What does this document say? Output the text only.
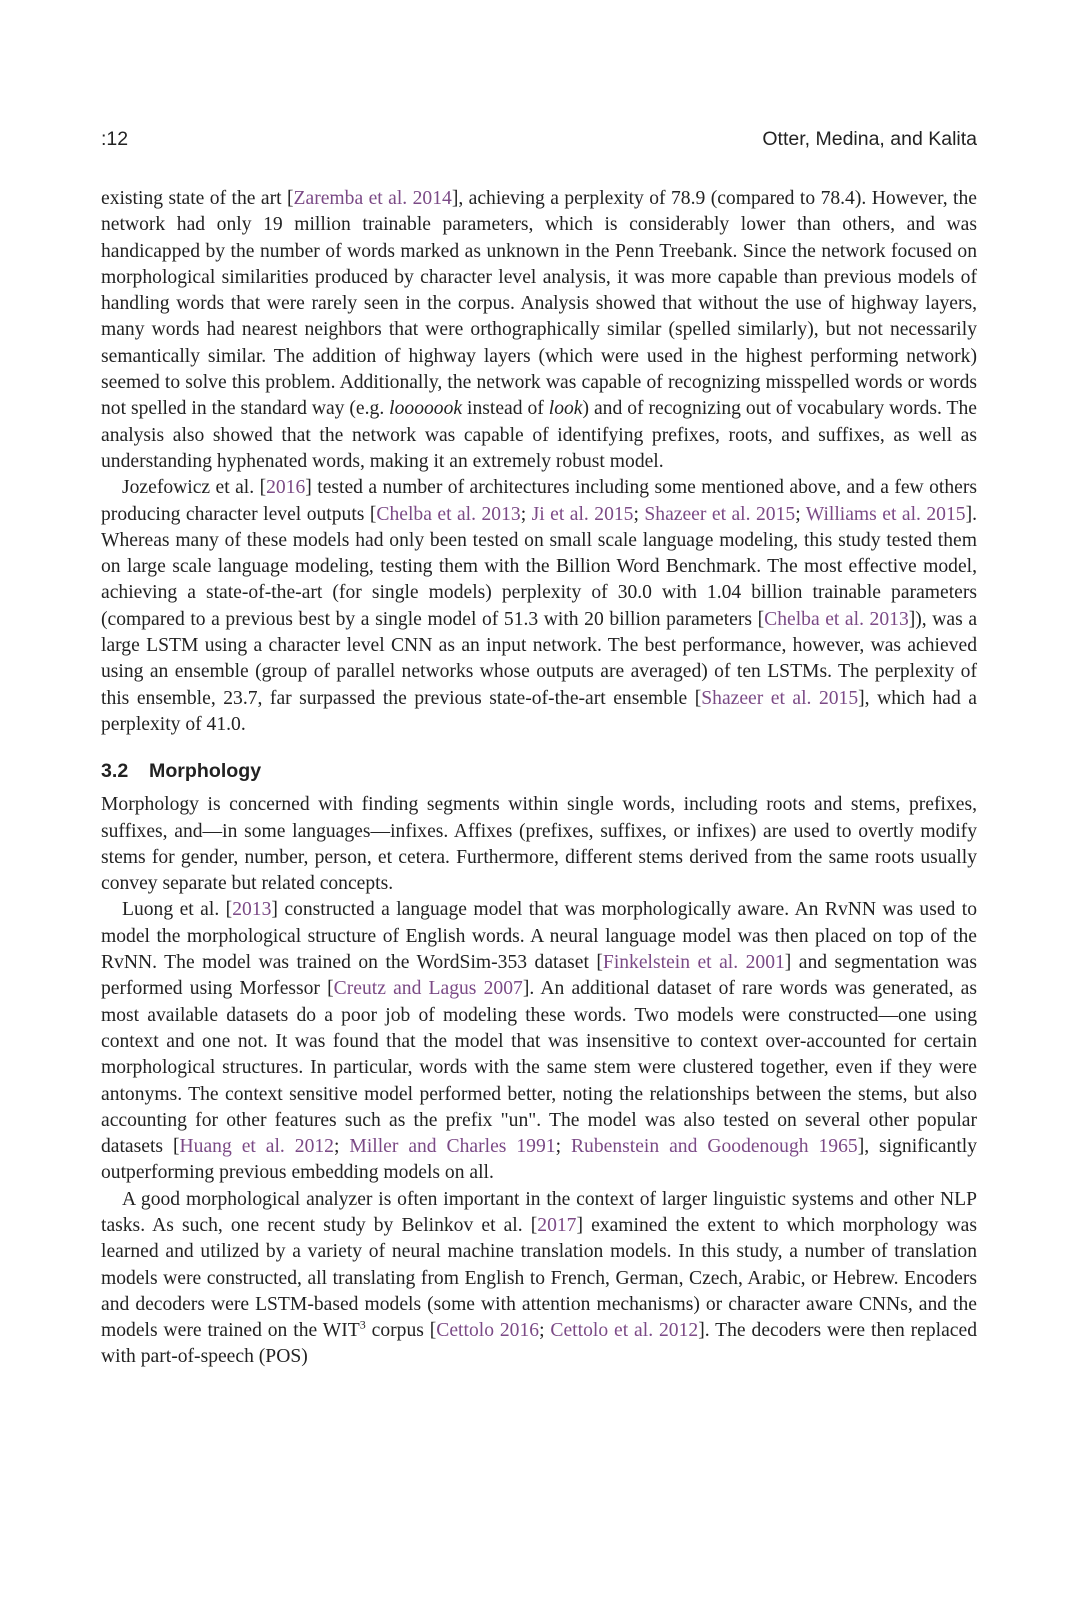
:12	Otter, Medina, and Kalita

existing state of the art [Zaremba et al. 2014], achieving a perplexity of 78.9 (compared to 78.4). However, the network had only 19 million trainable parameters, which is considerably lower than others, and was handicapped by the number of words marked as unknown in the Penn Treebank. Since the network focused on morphological similarities produced by character level analysis, it was more capable than previous models of handling words that were rarely seen in the corpus. Analysis showed that without the use of highway layers, many words had nearest neighbors that were orthographically similar (spelled similarly), but not necessarily semantically similar. The addition of highway layers (which were used in the highest performing network) seemed to solve this problem. Additionally, the network was capable of recognizing misspelled words or words not spelled in the standard way (e.g. looooook instead of look) and of recognizing out of vocabulary words. The analysis also showed that the network was capable of identifying prefixes, roots, and suffixes, as well as understanding hyphenated words, making it an extremely robust model.

Jozefowicz et al. [2016] tested a number of architectures including some mentioned above, and a few others producing character level outputs [Chelba et al. 2013; Ji et al. 2015; Shazeer et al. 2015; Williams et al. 2015]. Whereas many of these models had only been tested on small scale language modeling, this study tested them on large scale language modeling, testing them with the Billion Word Benchmark. The most effective model, achieving a state-of-the-art (for single models) perplexity of 30.0 with 1.04 billion trainable parameters (compared to a previous best by a single model of 51.3 with 20 billion parameters [Chelba et al. 2013]), was a large LSTM using a character level CNN as an input network. The best performance, however, was achieved using an ensemble (group of parallel networks whose outputs are averaged) of ten LSTMs. The perplexity of this ensemble, 23.7, far surpassed the previous state-of-the-art ensemble [Shazeer et al. 2015], which had a perplexity of 41.0.

3.2 Morphology

Morphology is concerned with finding segments within single words, including roots and stems, prefixes, suffixes, and—in some languages—infixes. Affixes (prefixes, suffixes, or infixes) are used to overtly modify stems for gender, number, person, et cetera. Furthermore, different stems derived from the same roots usually convey separate but related concepts.

Luong et al. [2013] constructed a language model that was morphologically aware. An RvNN was used to model the morphological structure of English words. A neural language model was then placed on top of the RvNN. The model was trained on the WordSim-353 dataset [Finkelstein et al. 2001] and segmentation was performed using Morfessor [Creutz and Lagus 2007]. An additional dataset of rare words was generated, as most available datasets do a poor job of modeling these words. Two models were constructed—one using context and one not. It was found that the model that was insensitive to context over-accounted for certain morphological structures. In particular, words with the same stem were clustered together, even if they were antonyms. The context sensitive model performed better, noting the relationships between the stems, but also accounting for other features such as the prefix "un". The model was also tested on several other popular datasets [Huang et al. 2012; Miller and Charles 1991; Rubenstein and Goodenough 1965], significantly outperforming previous embedding models on all.

A good morphological analyzer is often important in the context of larger linguistic systems and other NLP tasks. As such, one recent study by Belinkov et al. [2017] examined the extent to which morphology was learned and utilized by a variety of neural machine translation models. In this study, a number of translation models were constructed, all translating from English to French, German, Czech, Arabic, or Hebrew. Encoders and decoders were LSTM-based models (some with attention mechanisms) or character aware CNNs, and the models were trained on the WIT$^3$ corpus [Cettolo 2016; Cettolo et al. 2012]. The decoders were then replaced with part-of-speech (POS)
